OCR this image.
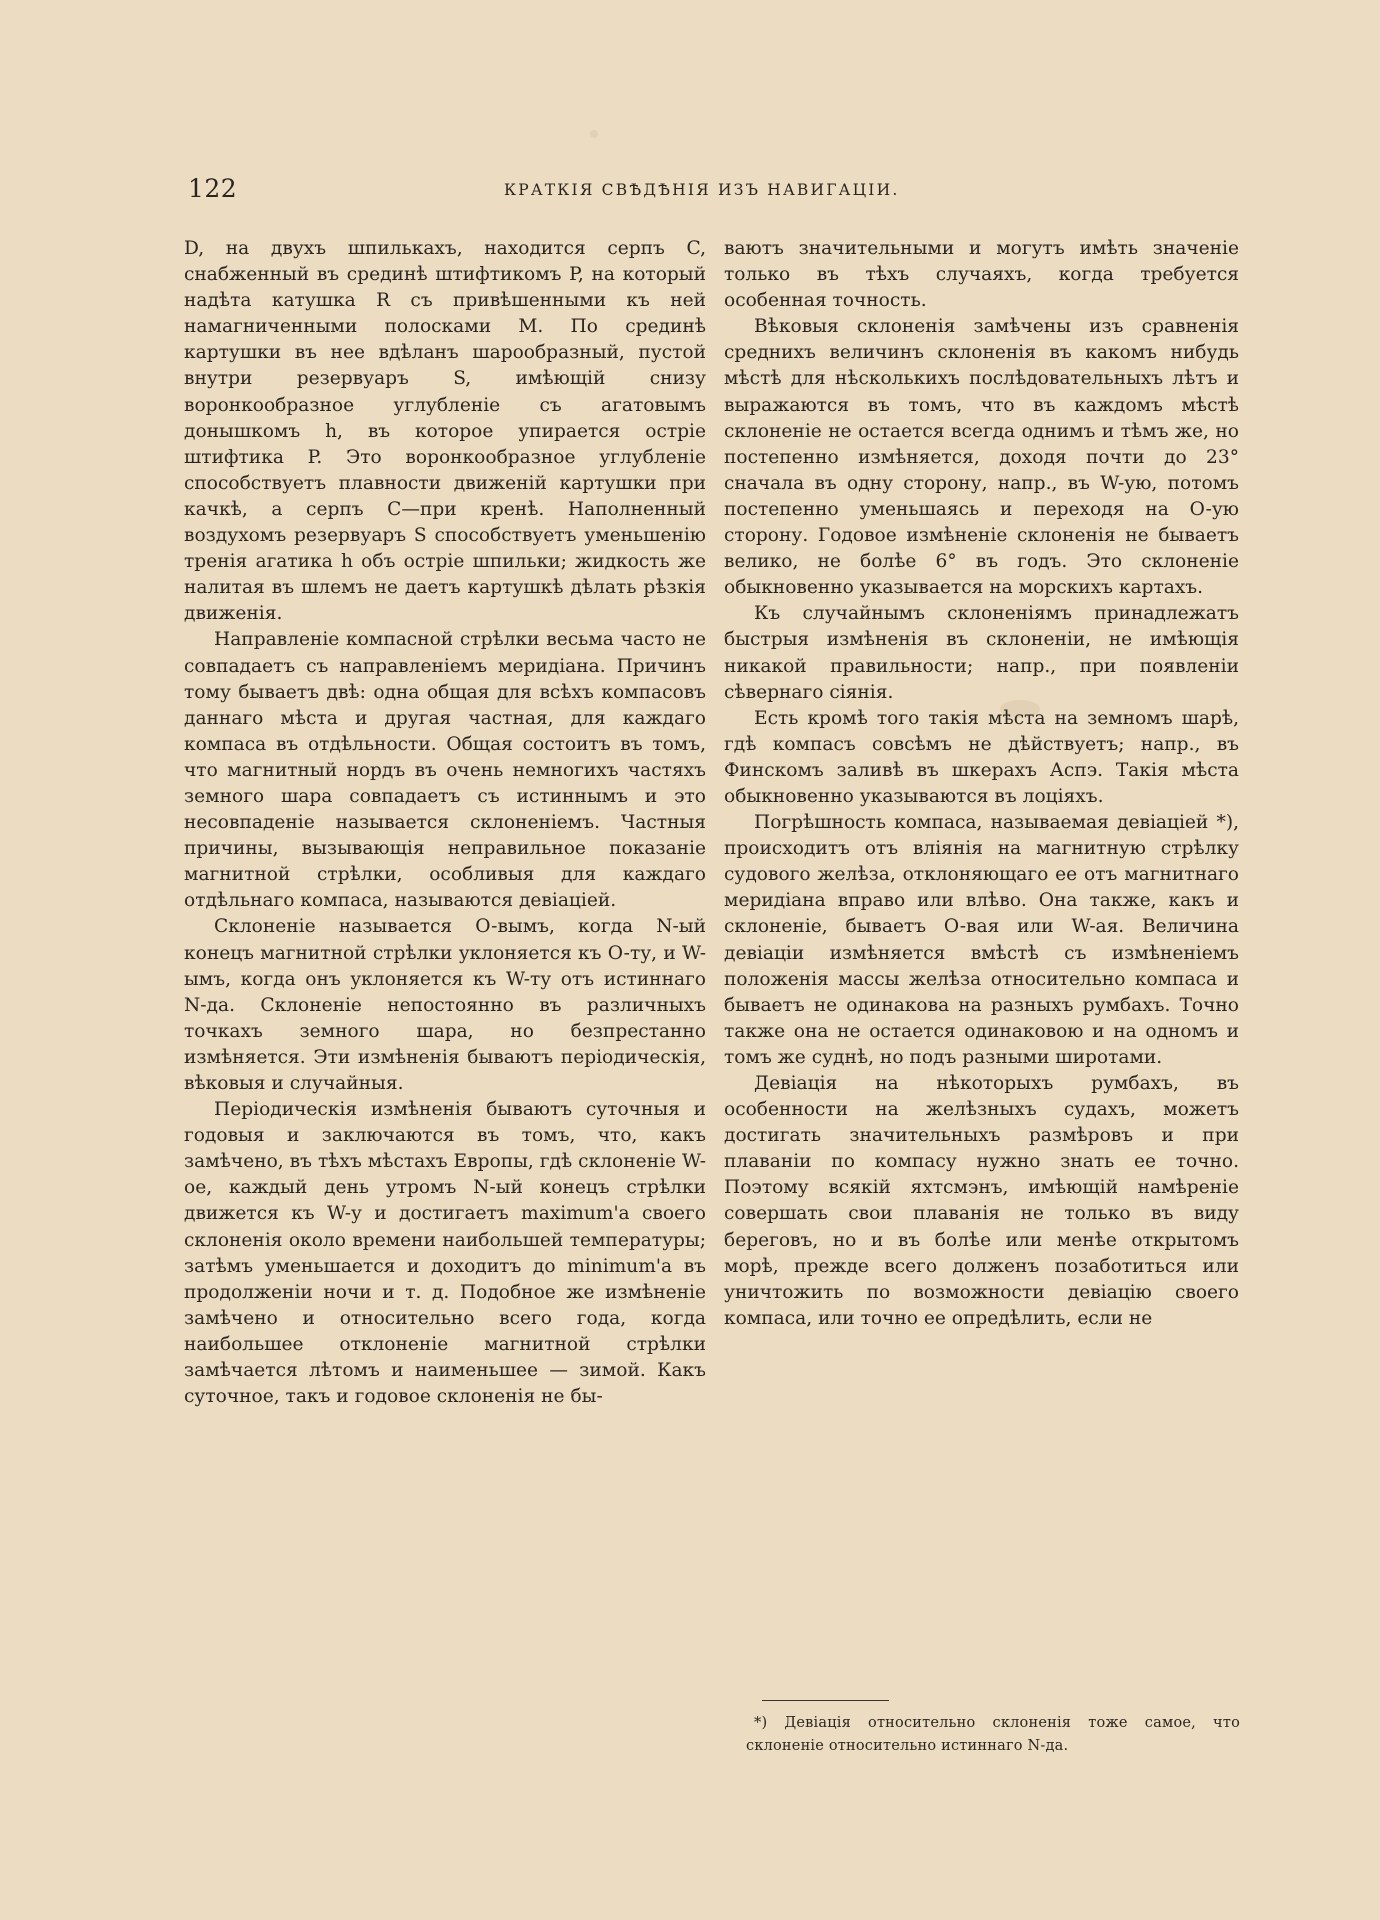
122	КРАТКІЯ СВѢДѢНІЯ ИЗЪ НАВИГАЦІИ.

D, на двухъ шпилькахъ, находится серпъ C, снабженный въ срединѣ штифтикомъ P, на который надѣта катушка R съ привѣшенными къ ней намагниченными полосками M. По срединѣ картушки въ нее вдѣланъ шарообразный, пустой внутри резервуаръ S, имѣющій снизу воронкообразное углубленіе съ агатовымъ донышкомъ h, въ которое упирается остріе штифтика P. Это воронкообразное углубленіе способствуетъ плавности движеній картушки при качкѣ, а серпъ C—при кренѣ. Наполненный воздухомъ резервуаръ S способствуетъ уменьшенію тренія агатика h объ остріе шпильки; жидкость же налитая въ шлемъ не даетъ картушкѣ дѣлать рѣзкія движенія.

Направленіе компасной стрѣлки весьма часто не совпадаетъ съ направленіемъ меридіана. Причинъ тому бываетъ двѣ: одна общая для всѣхъ компасовъ даннаго мѣста и другая частная, для каждаго компаса въ отдѣльности. Общая состоитъ въ томъ, что магнитный нордъ въ очень немногихъ частяхъ земного шара совпадаетъ съ истиннымъ и это несовпаденіе называется склоненіемъ. Частныя причины, вызывающія неправильное показаніе магнитной стрѣлки, особливыя для каждаго отдѣльнаго компаса, называются девіаціей.

Склоненіе называется O-вымъ, когда N-ый конецъ магнитной стрѣлки уклоняется къ O-ту, и W-ымъ, когда онъ уклоняется къ W-ту отъ истиннаго N-да. Склоненіе непостоянно въ различныхъ точкахъ земного шара, но безпрестанно измѣняется. Эти измѣненія бываютъ періодическія, вѣковыя и случайныя.

Періодическія измѣненія бываютъ суточныя и годовыя и заключаются въ томъ, что, какъ замѣчено, въ тѣхъ мѣстахъ Европы, гдѣ склоненіе W-ое, каждый день утромъ N-ый конецъ стрѣлки движется къ W-у и достигаетъ maximum'а своего склоненія около времени наибольшей температуры; затѣмъ уменьшается и доходитъ до minimum'а въ продолженіи ночи и т. д. Подобное же измѣненіе замѣчено и относительно всего года, когда наибольшее отклоненіе магнитной стрѣлки замѣчается лѣтомъ и наименьшее — зимой. Какъ суточное, такъ и годовое склоненія не бы-

ваютъ значительными и могутъ имѣть значеніе только въ тѣхъ случаяхъ, когда требуется особенная точность.

Вѣковыя склоненія замѣчены изъ сравненія среднихъ величинъ склоненія въ какомъ нибудь мѣстѣ для нѣсколькихъ послѣдовательныхъ лѣтъ и выражаются въ томъ, что въ каждомъ мѣстѣ склоненіе не остается всегда однимъ и тѣмъ же, но постепенно измѣняется, доходя почти до 23° сначала въ одну сторону, напр., въ W-ую, потомъ постепенно уменьшаясь и переходя на O-ую сторону. Годовое измѣненіе склоненія не бываетъ велико, не болѣе 6° въ годъ. Это склоненіе обыкновенно указывается на морскихъ картахъ.

Къ случайнымъ склоненіямъ принадлежатъ быстрыя измѣненія въ склоненіи, не имѣющія никакой правильности; напр., при появленіи сѣвернаго сіянія.

Есть кромѣ того такія мѣста на земномъ шарѣ, гдѣ компасъ совсѣмъ не дѣйствуетъ; напр., въ Финскомъ заливѣ въ шкерахъ Аспэ. Такія мѣста обыкновенно указываются въ лоціяхъ.

Погрѣшность компаса, называемая девіаціей *), происходитъ отъ вліянія на магнитную стрѣлку судового желѣза, отклоняющаго ее отъ магнитнаго меридіана вправо или влѣво. Она также, какъ и склоненіе, бываетъ O-вая или W-ая. Величина девіаціи измѣняется вмѣстѣ съ измѣненіемъ положенія массы желѣза относительно компаса и бываетъ не одинакова на разныхъ румбахъ. Точно также она не остается одинаковою и на одномъ и томъ же суднѣ, но подъ разными широтами.

Девіація на нѣкоторыхъ румбахъ, въ особенности на желѣзныхъ судахъ, можетъ достигать значительныхъ размѣровъ и при плаваніи по компасу нужно знать ее точно. Поэтому всякій яхтсмэнъ, имѣющій намѣреніе совершать свои плаванія не только въ виду береговъ, но и въ болѣе или менѣе открытомъ морѣ, прежде всего долженъ позаботиться или уничтожить по возможности девіацію своего компаса, или точно ее опредѣлить, если не

*) Девіація относительно склоненія тоже самое, что склоненіе относительно истиннаго N-да.
